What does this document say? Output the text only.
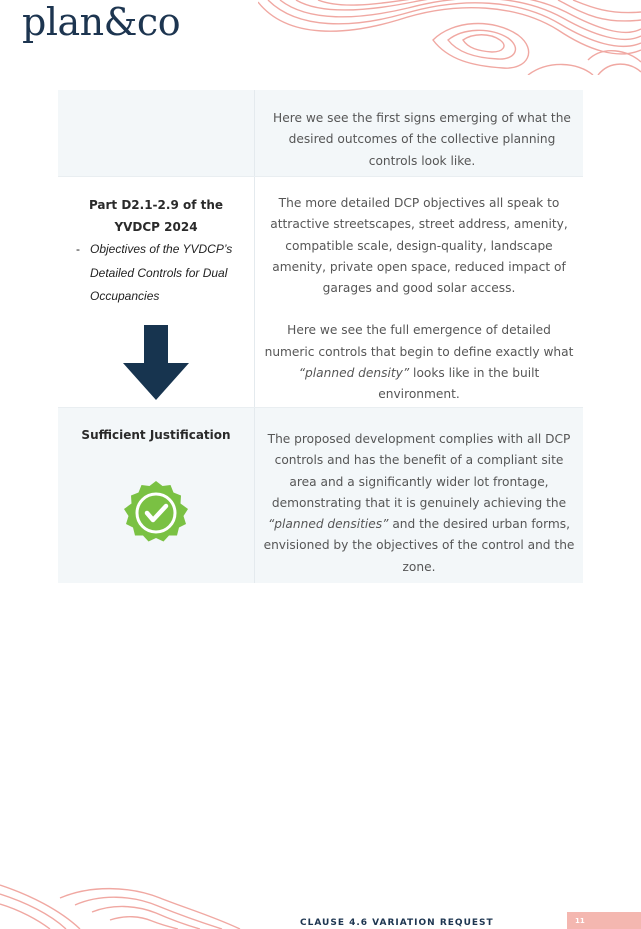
plan&co
Here we see the first signs emerging of what the desired outcomes of the collective planning controls look like.
Part D2.1-2.9 of the YVDCP 2024
- Objectives of the YVDCP’s Detailed Controls for Dual Occupancies
The more detailed DCP objectives all speak to attractive streetscapes, street address, amenity, compatible scale, design-quality, landscape amenity, private open space, reduced impact of garages and good solar access.
Here we see the full emergence of detailed numeric controls that begin to define exactly what “planned density” looks like in the built environment.
Sufficient Justification	The proposed development complies with all DCP controls and has the benefit of a compliant site area and a significantly wider lot frontage, demonstrating that it is genuinely achieving the “planned densities” and the desired urban forms, envisioned by the objectives of the control and the zone.
CLAUSE 4.6 VARIATION REQUEST	11
